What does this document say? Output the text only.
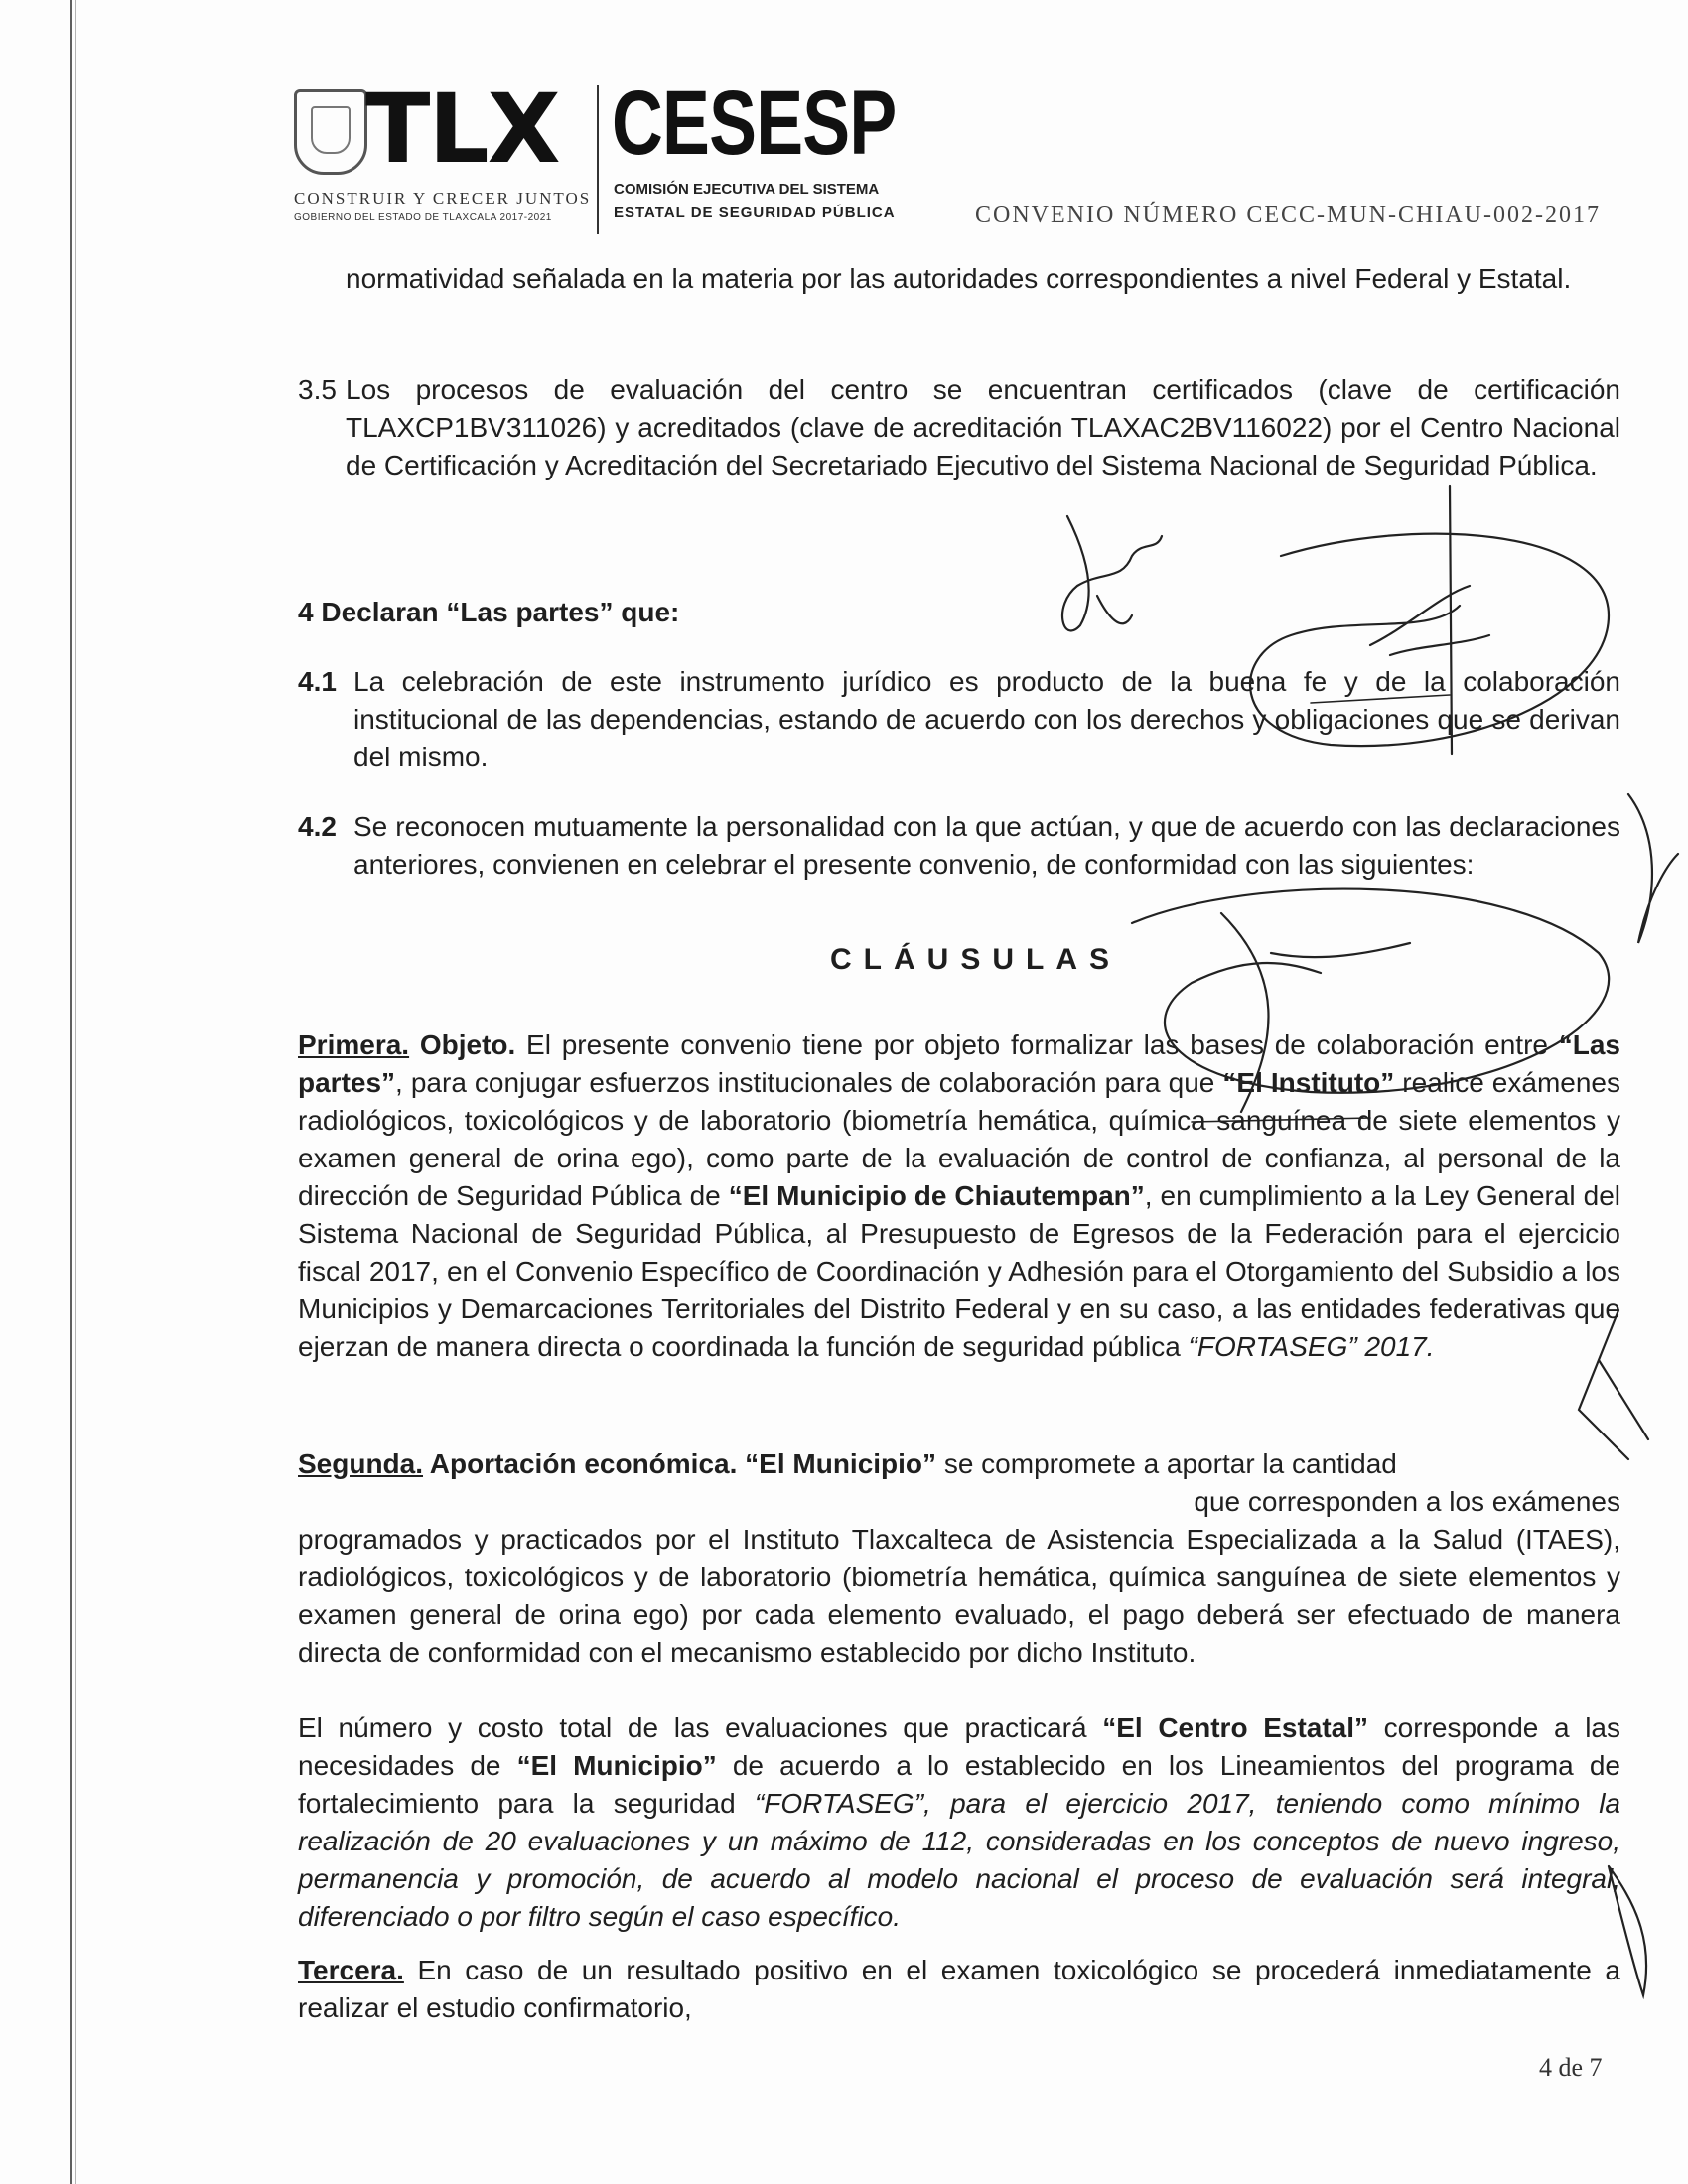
TLX
CONSTRUIR Y CRECER JUNTOS
GOBIERNO DEL ESTADO DE TLAXCALA 2017-2021
CESESP
COMISIÓN EJECUTIVA DEL SISTEMA
ESTATAL DE SEGURIDAD PÚBLICA	CONVENIO NÚMERO CECC-MUN-CHIAU-002-2017
normatividad señalada en la materia por las autoridades correspondientes a nivel Federal y Estatal.
3.5 Los procesos de evaluación del centro se encuentran certificados (clave de certificación TLAXCP1BV311026) y acreditados (clave de acreditación TLAXAC2BV116022) por el Centro Nacional de Certificación y Acreditación del Secretariado Ejecutivo del Sistema Nacional de Seguridad Pública.
4 Declaran “Las partes” que:
4.1 La celebración de este instrumento jurídico es producto de la buena fe y de la colaboración institucional de las dependencias, estando de acuerdo con los derechos y obligaciones que se derivan del mismo.
4.2 Se reconocen mutuamente la personalidad con la que actúan, y que de acuerdo con las declaraciones anteriores, convienen en celebrar el presente convenio, de conformidad con las siguientes:
CLÁUSULAS
Primera. Objeto. El presente convenio tiene por objeto formalizar las bases de colaboración entre “Las partes”, para conjugar esfuerzos institucionales de colaboración para que “El Instituto” realice exámenes radiológicos, toxicológicos y de laboratorio (biometría hemática, química sanguínea de siete elementos y examen general de orina ego), como parte de la evaluación de control de confianza, al personal de la dirección de Seguridad Pública de “El Municipio de Chiautempan”, en cumplimiento a la Ley General del Sistema Nacional de Seguridad Pública, al Presupuesto de Egresos de la Federación para el ejercicio fiscal 2017, en el Convenio Específico de Coordinación y Adhesión para el Otorgamiento del Subsidio a los Municipios y Demarcaciones Territoriales del Distrito Federal y en su caso, a las entidades federativas que ejerzan de manera directa o coordinada la función de seguridad pública “FORTASEG” 2017.
Segunda. Aportación económica. “El Municipio” se compromete a aportar la cantidad
que corresponden a los exámenes
programados y practicados por el Instituto Tlaxcalteca de Asistencia Especializada a la Salud (ITAES), radiológicos, toxicológicos y de laboratorio (biometría hemática, química sanguínea de siete elementos y examen general de orina ego) por cada elemento evaluado, el pago deberá ser efectuado de manera directa de conformidad con el mecanismo establecido por dicho Instituto.
El número y costo total de las evaluaciones que practicará “El Centro Estatal” corresponde a las necesidades de “El Municipio” de acuerdo a lo establecido en los Lineamientos del programa de fortalecimiento para la seguridad “FORTASEG”, para el ejercicio 2017, teniendo como mínimo la realización de 20 evaluaciones y un máximo de 112, consideradas en los conceptos de nuevo ingreso, permanencia y promoción, de acuerdo al modelo nacional el proceso de evaluación será integral, diferenciado o por filtro según el caso específico.
Tercera. En caso de un resultado positivo en el examen toxicológico se procederá inmediatamente a realizar el estudio confirmatorio,
4 de 7
